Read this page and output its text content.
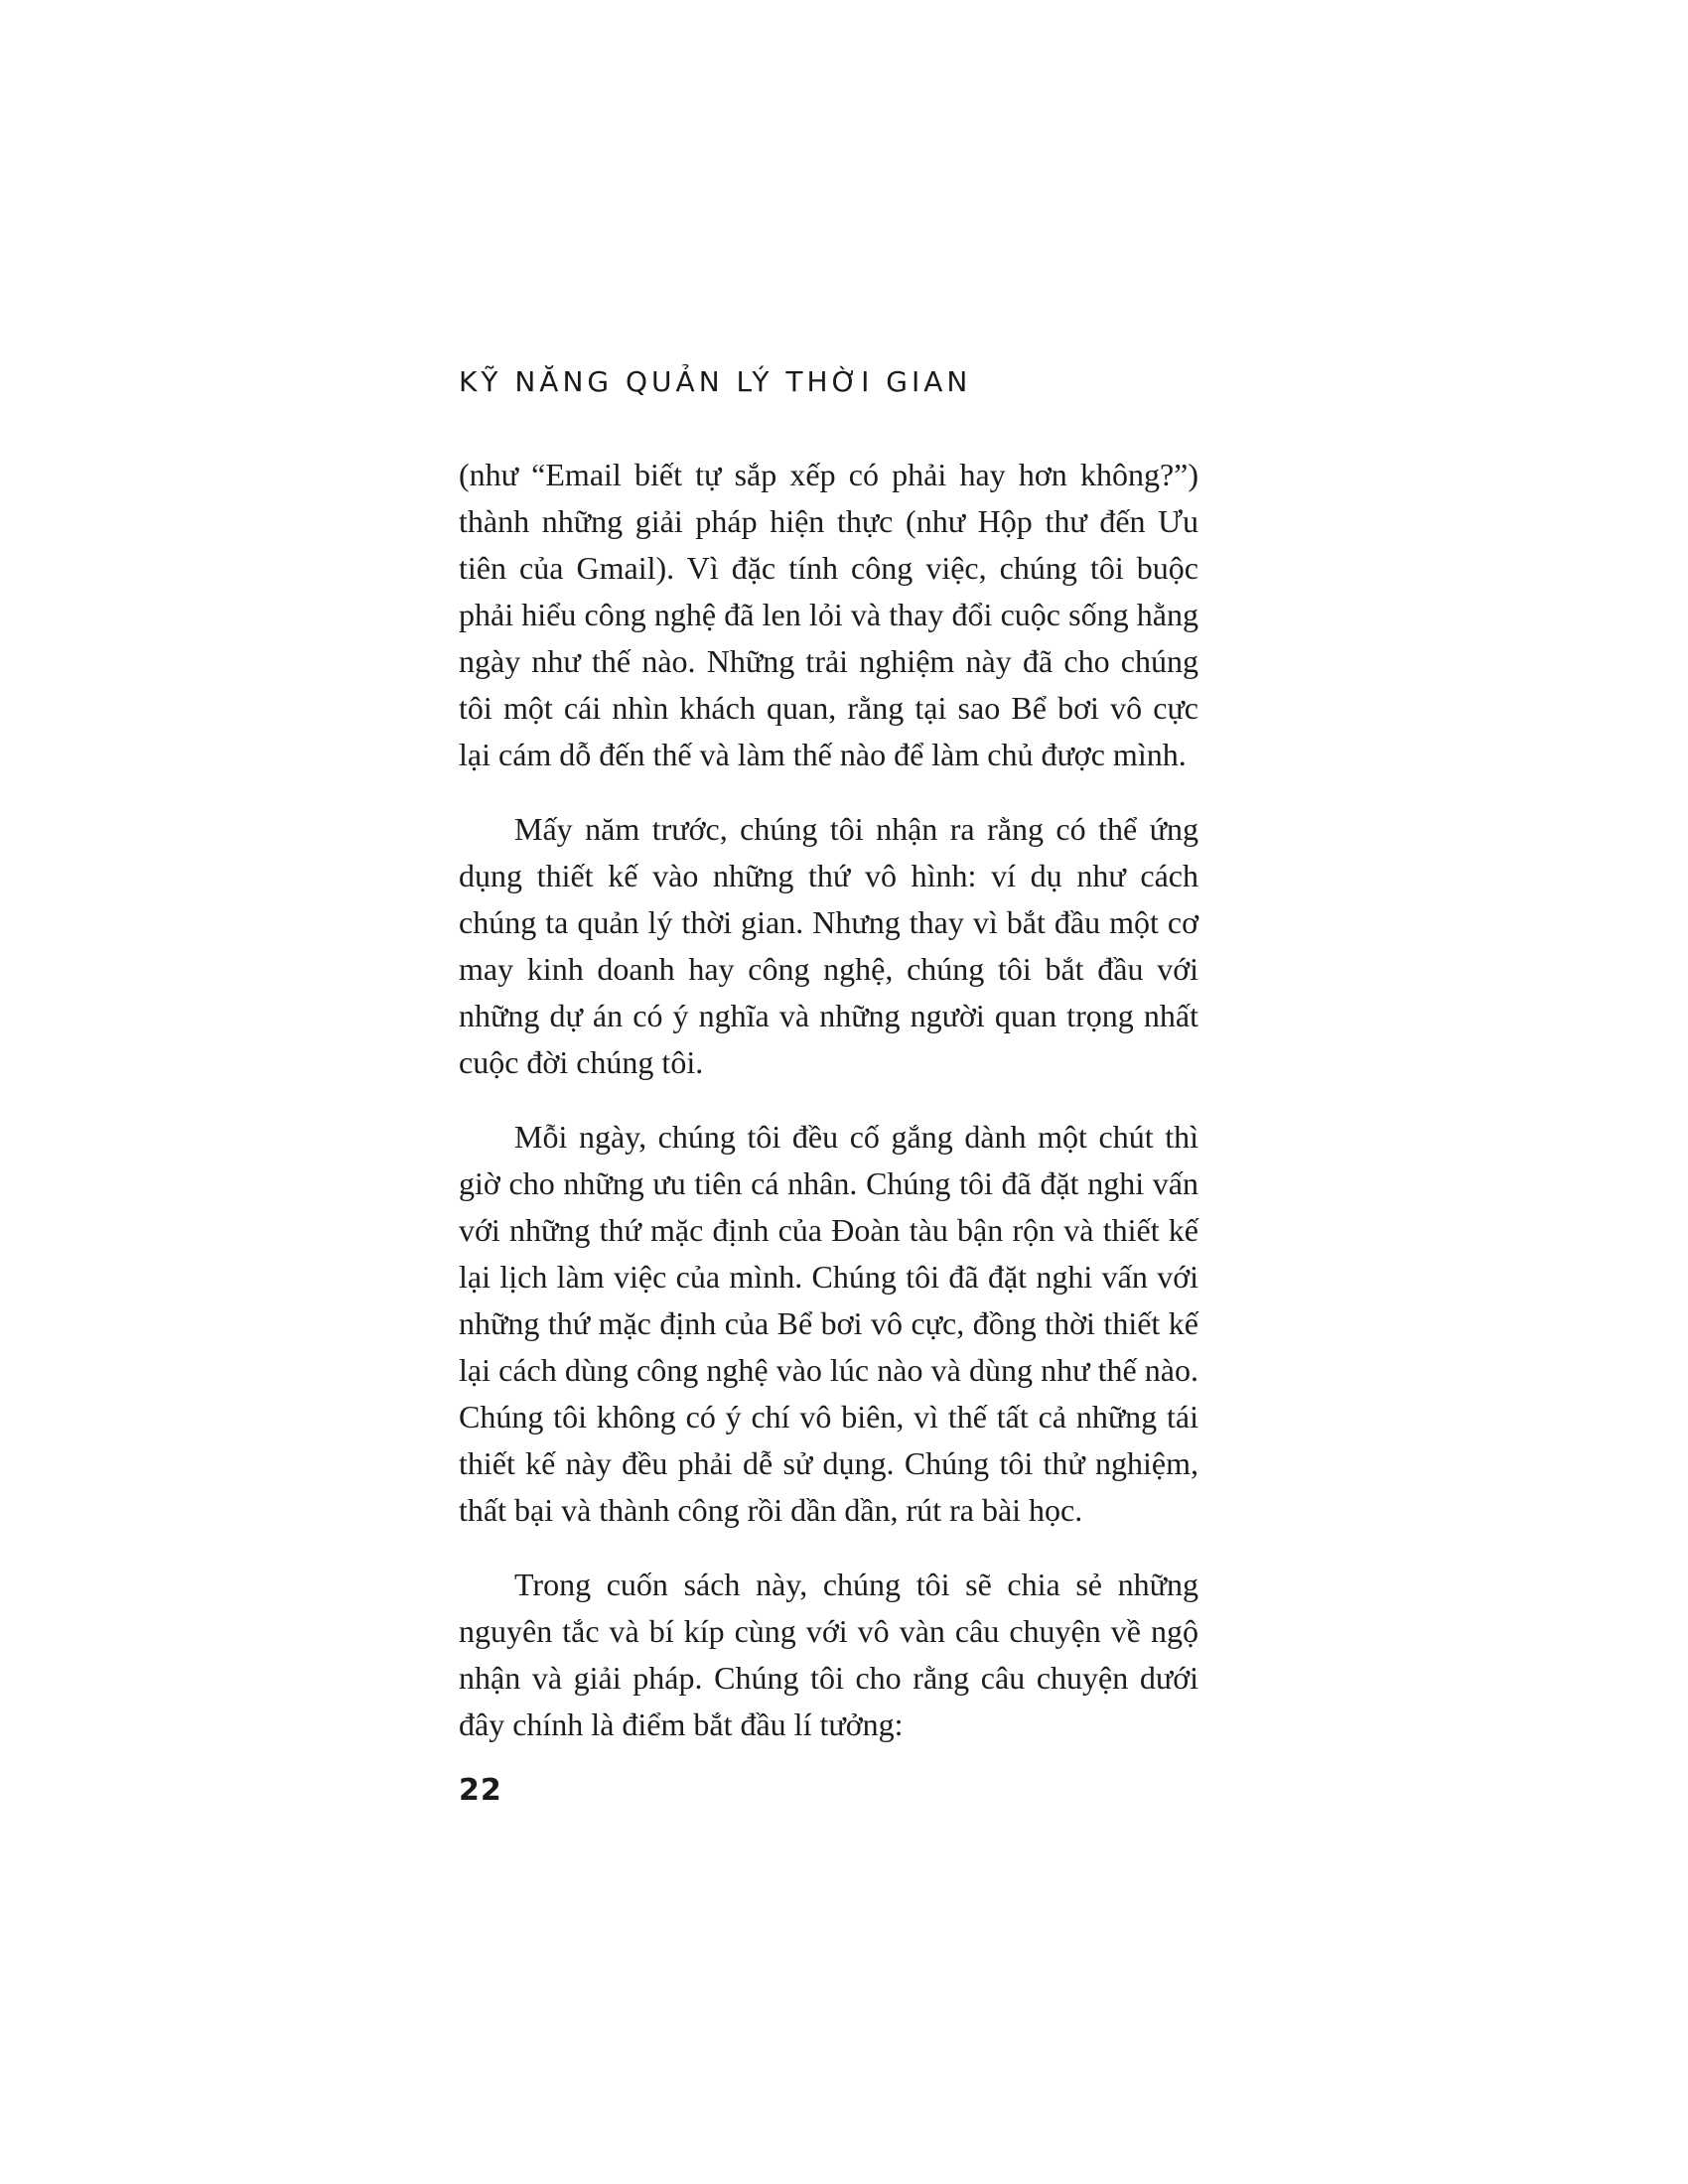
KỸ NĂNG QUẢN LÝ THỜI GIAN

(như “Email biết tự sắp xếp có phải hay hơn không?”) thành những giải pháp hiện thực (như Hộp thư đến Ưu tiên của Gmail). Vì đặc tính công việc, chúng tôi buộc phải hiểu công nghệ đã len lỏi và thay đổi cuộc sống hằng ngày như thế nào. Những trải nghiệm này đã cho chúng tôi một cái nhìn khách quan, rằng tại sao Bể bơi vô cực lại cám dỗ đến thế và làm thế nào để làm chủ được mình.

Mấy năm trước, chúng tôi nhận ra rằng có thể ứng dụng thiết kế vào những thứ vô hình: ví dụ như cách chúng ta quản lý thời gian. Nhưng thay vì bắt đầu một cơ may kinh doanh hay công nghệ, chúng tôi bắt đầu với những dự án có ý nghĩa và những người quan trọng nhất cuộc đời chúng tôi.

Mỗi ngày, chúng tôi đều cố gắng dành một chút thì giờ cho những ưu tiên cá nhân. Chúng tôi đã đặt nghi vấn với những thứ mặc định của Đoàn tàu bận rộn và thiết kế lại lịch làm việc của mình. Chúng tôi đã đặt nghi vấn với những thứ mặc định của Bể bơi vô cực, đồng thời thiết kế lại cách dùng công nghệ vào lúc nào và dùng như thế nào. Chúng tôi không có ý chí vô biên, vì thế tất cả những tái thiết kế này đều phải dễ sử dụng. Chúng tôi thử nghiệm, thất bại và thành công rồi dần dần, rút ra bài học.

Trong cuốn sách này, chúng tôi sẽ chia sẻ những nguyên tắc và bí kíp cùng với vô vàn câu chuyện về ngộ nhận và giải pháp. Chúng tôi cho rằng câu chuyện dưới đây chính là điểm bắt đầu lí tưởng:

22
